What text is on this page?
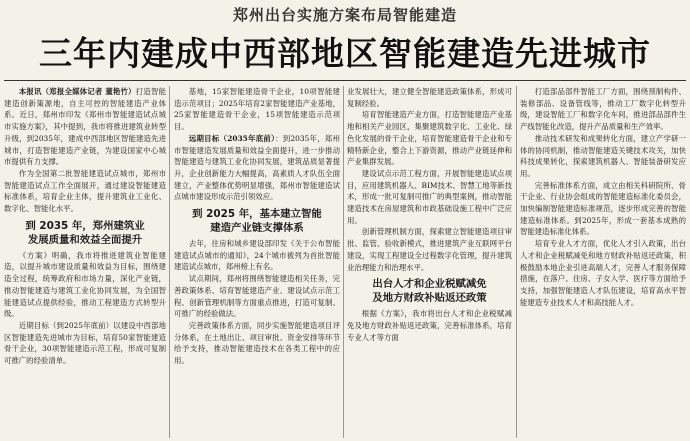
郑州出台实施方案布局智能建造
三年内建成中西部地区智能建造先进城市

本报讯（郑报全媒体记者 董艳竹）打造智能建造创新策源地，自主可控的智能建造产业体系。近日，郑州市印发《郑州市智能建造试点城市实施方案》，其中提到，我市将推进建筑业转型升级，到2035年，建成中西部地区智能建造先进城市，打造智能建造产业链，为建设国家中心城市提供有力支撑。

作为全国第二批智能建造试点城市，郑州市智能建造试点工作全面展开，通过建设智能建造标准体系，培育企业主体，提升建筑业工业化、数字化、智能化水平。

到 2035 年，郑州建筑业
发展质量和效益全面提升

《方案》明确，我市将推进建筑业智能建造，以提升城市建设质量和效益为目标，围绕建造全过程，统筹政府和市场力量，深化产业链，推动智能建造与建筑工业化协同发展，为全国智能建造试点提供经验，推动工程建造方式转型升级。

近期目标（到2025年底前）以建设中西部地区智能建造先进城市为目标，培育50家智能建造骨干企业，30项智能建造示范工程，形成可复制可推广的经验清单。

基地，15家智能建造骨干企业，10项智能建造示范项目；2025年培育2家智能建造产业基地，25家智能建造骨干企业，15项智能建造示范项目。

远期目标（2035年底前）：到2035年，郑州市智能建造发展质量和效益全面提升，进一步推动智能建造与建筑工业化协同发展，建筑品质显著提升，企业创新能力大幅提高，高素质人才队伍全面建立，产业整体优势明显增强，郑州市智能建造试点城市建设形成示范引领效应。

到 2025 年，基本建立智能
建造产业链支撑体系

去年，住房和城乡建设部印发《关于公布智能建造试点城市的通知》，24个城市被列为首批智能建造试点城市，郑州榜上有名。

试点期间，郑州将围绕智能建造相关任务，完善政策体系、培育智能建造产业、建设试点示范工程、创新管理机制等方面重点推进，打造可复制、可推广的经验做法。

完善政策体系方面，同步实施智能建造项目评分体系，在土地出让、项目审批、资金安排等环节给予支持，推动智能建造技术在各类工程中的应用。

业发展壮大，建立健全智能建造政策体系，形成可复制经验。

培育智能建造产业方面，打造智能建造产业基地和相关产业园区，集聚建筑数字化、工业化、绿色化发展的骨干企业，培育智能建造骨干企业和专精特新企业，整合上下游资源，推动产业链延伸和产业集群发展。

建设试点示范工程方面，开展智能建造试点项目，应用建筑机器人、BIM技术、智慧工地等新技术，形成一批可复制可推广的典型案例，推动智能建造技术在房屋建筑和市政基础设施工程中广泛应用。

创新管理机制方面，探索建立智能建造项目审批、监管、验收新模式，推进建筑产业互联网平台建设，实现工程建设全过程数字化管理，提升建筑业治理能力和治理水平。

出台人才和企业税赋减免
及地方财政补贴返还政策

根据《方案》，我市将出台人才和企业税赋减免及地方财政补贴返还政策，完善标准体系，培育专业人才等方面

打造部品部件智能工厂方面，围绕预制构件、装修部品、设备管线等，推动工厂数字化转型升级，建设智能工厂和数字化车间，推进部品部件生产线智能化改造，提升产品质量和生产效率。

推动技术研发和成果转化方面，建立产学研一体的协同机制，推动智能建造关键技术攻关，加快科技成果转化，探索建筑机器人、智能装备研发应用。

完善标准体系方面，成立由相关科研院所、骨干企业、行业协会组成的智能建造标准化委员会，加快编制智能建造标准规范，逐步形成完善的智能建造标准体系。到2025年，形成一套基本成熟的智能建造标准化体系。

培育专业人才方面，优化人才引入政策，出台人才和企业税赋减免和地方财政补贴返还政策，积极鼓励本地企业引进高端人才，完善人才服务保障措施，在落户、住房、子女入学、医疗等方面给予支持，加强智能建造人才队伍建设，培育高水平智能建造专业技术人才和高技能人才。
